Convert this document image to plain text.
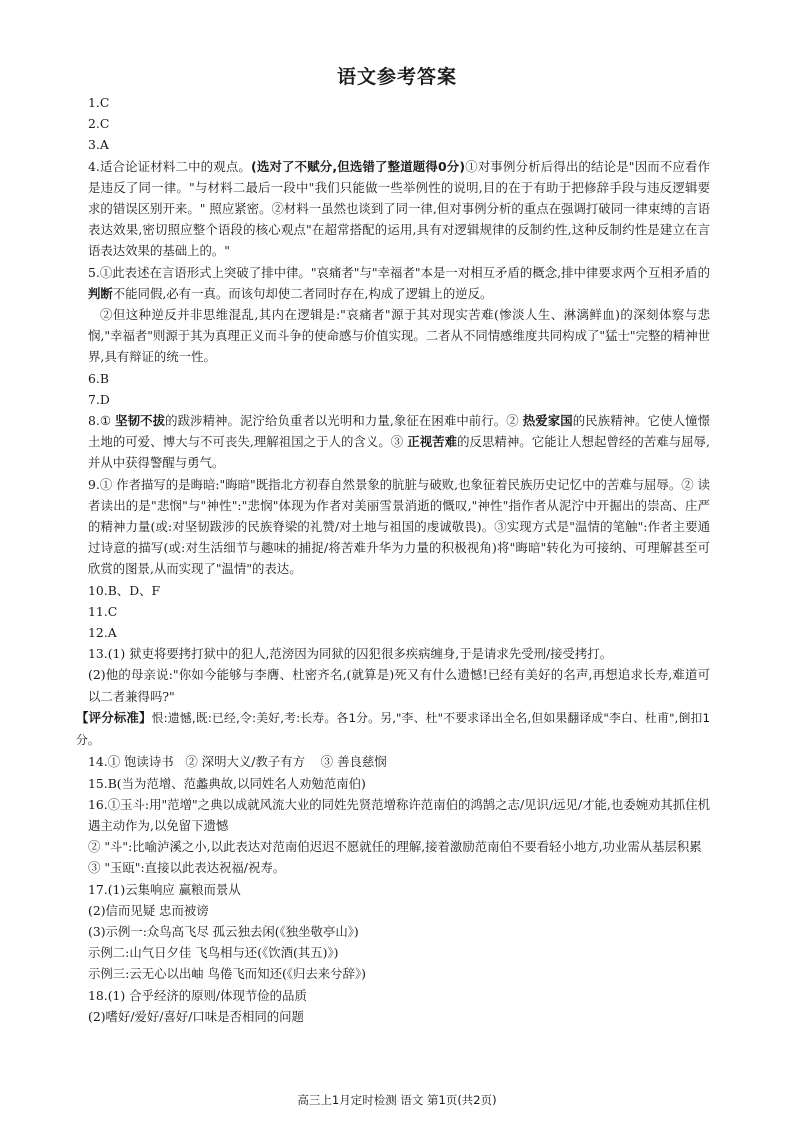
语文参考答案

1.C

2.C

3.A

4.适合论证材料二中的观点。(选对了不赋分,但选错了整道题得0分)①对事例分析后得出的结论是"因而不应看作是违反了同一律。"与材料二最后一段中"我们只能做一些举例性的说明,目的在于有助于把修辞手段与违反逻辑要求的错误区别开来。" 照应紧密。②材料一虽然也谈到了同一律,但对事例分析的重点在强调打破同一律束缚的言语表达效果,密切照应整个语段的核心观点"在超常搭配的运用,具有对逻辑规律的反制约性,这种反制约性是建立在言语表达效果的基础上的。"

5.①此表述在言语形式上突破了排中律。"哀痛者"与"幸福者"本是一对相互矛盾的概念,排中律要求两个互相矛盾的判断不能同假,必有一真。而该句却使二者同时存在,构成了逻辑上的逆反。

②但这种逆反并非思维混乱,其内在逻辑是:"哀痛者"源于其对现实苦难(惨淡人生、淋漓鲜血)的深刻体察与悲悯,"幸福者"则源于其为真理正义而斗争的使命感与价值实现。二者从不同情感维度共同构成了"猛士"完整的精神世界,具有辩证的统一性。

6.B

7.D

8.① 坚韧不拔的跋涉精神。泥泞给负重者以光明和力量,象征在困难中前行。② 热爱家国的民族精神。它使人憧憬土地的可爱、博大与不可丧失,理解祖国之于人的含义。③ 正视苦难的反思精神。它能让人想起曾经的苦难与屈辱,并从中获得警醒与勇气。

9.① 作者描写的是晦暗:"晦暗"既指北方初春自然景象的肮脏与破败,也象征着民族历史记忆中的苦难与屈辱。② 读者读出的是"悲悯"与"神性":"悲悯"体现为作者对美丽雪景消逝的慨叹,"神性"指作者从泥泞中开掘出的崇高、庄严的精神力量(或:对坚韧跋涉的民族脊梁的礼赞/对土地与祖国的虔诚敬畏)。③实现方式是"温情的笔触":作者主要通过诗意的描写(或:对生活细节与趣味的捕捉/将苦难升华为力量的积极视角)将"晦暗"转化为可接纳、可理解甚至可欣赏的图景,从而实现了"温情"的表达。

10.B、D、F

11.C

12.A

13.(1) 狱吏将要拷打狱中的犯人,范滂因为同狱的囚犯很多疾病缠身,于是请求先受刑/接受拷打。

(2)他的母亲说:"你如今能够与李膺、杜密齐名,(就算是)死又有什么遗憾!已经有美好的名声,再想追求长寿,难道可以二者兼得吗?"

【评分标准】恨:遗憾,既:已经,令:美好,考:长寿。各1分。另,"李、杜"不要求译出全名,但如果翻译成"李白、杜甫",倒扣1分。

14.① 饱读诗书   ② 深明大义/教子有方    ③ 善良慈悯

15.B(当为范增、范蠡典故,以同姓名人劝勉范南伯)

16.①玉斗:用"范增"之典以成就风流大业的同姓先贤范增称许范南伯的鸿鹄之志/见识/远见/才能,也委婉劝其抓住机遇主动作为,以免留下遗憾

② "斗":比喻泸溪之小,以此表达对范南伯迟迟不愿就任的理解,接着激励范南伯不要看轻小地方,功业需从基层积累

③ "玉瓯":直接以此表达祝福/祝寿。

17.(1)云集响应 赢粮而景从

(2)信而见疑 忠而被谤

(3)示例一:众鸟高飞尽 孤云独去闲(《独坐敬亭山》)

示例二:山气日夕佳 飞鸟相与还(《饮酒(其五)》)

示例三:云无心以出岫 鸟倦飞而知还(《归去来兮辞》)

18.(1) 合乎经济的原则/体现节俭的品质

(2)嗜好/爱好/喜好/口味是否相同的问题

高三上1月定时检测 语文 第1页(共2页)
